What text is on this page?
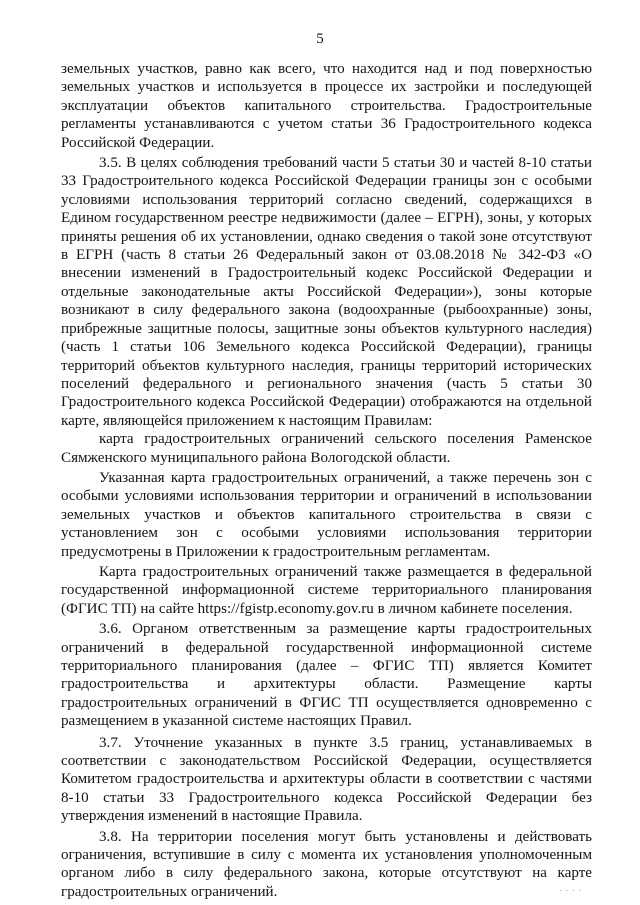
5

земельных участков, равно как всего, что находится над и под поверхностью земельных участков и используется в процессе их застройки и последующей эксплуатации объектов капитального строительства. Градостроительные регламенты устанавливаются с учетом статьи 36 Градостроительного кодекса Российской Федерации.

3.5. В целях соблюдения требований части 5 статьи 30 и частей 8-10 статьи 33 Градостроительного кодекса Российской Федерации границы зон с особыми условиями использования территорий согласно сведений, содержащихся в Едином государственном реестре недвижимости (далее – ЕГРН), зоны, у которых приняты решения об их установлении, однако сведения о такой зоне отсутствуют в ЕГРН (часть 8 статьи 26 Федеральный закон от 03.08.2018 № 342-ФЗ «О внесении изменений в Градостроительный кодекс Российской Федерации и отдельные законодательные акты Российской Федерации»), зоны которые возникают в силу федерального закона (водоохранные (рыбоохранные) зоны, прибрежные защитные полосы, защитные зоны объектов культурного наследия) (часть 1 статьи 106 Земельного кодекса Российской Федерации), границы территорий объектов культурного наследия, границы территорий исторических поселений федерального и регионального значения (часть 5 статьи 30 Градостроительного кодекса Российской Федерации) отображаются на отдельной карте, являющейся приложением к настоящим Правилам:

карта градостроительных ограничений сельского поселения Раменское Сямженского муниципального района Вологодской области.

Указанная карта градостроительных ограничений, а также перечень зон с особыми условиями использования территории и ограничений в использовании земельных участков и объектов капитального строительства в связи с установлением зон с особыми условиями использования территории предусмотрены в Приложении к градостроительным регламентам.

Карта градостроительных ограничений также размещается в федеральной государственной информационной системе территориального планирования (ФГИС ТП) на сайте https://fgistp.economy.gov.ru в личном кабинете поселения.

3.6. Органом ответственным за размещение карты градостроительных ограничений в федеральной государственной информационной системе территориального планирования (далее – ФГИС ТП) является Комитет градостроительства и архитектуры области. Размещение карты градостроительных ограничений в ФГИС ТП осуществляется одновременно с размещением в указанной системе настоящих Правил.

3.7. Уточнение указанных в пункте 3.5 границ, устанавливаемых в соответствии с законодательством Российской Федерации, осуществляется Комитетом градостроительства и архитектуры области в соответствии с частями 8-10 статьи 33 Градостроительного кодекса Российской Федерации без утверждения изменений в настоящие Правила.

3.8. На территории поселения могут быть установлены и действовать ограничения, вступившие в силу с момента их установления уполномоченным органом либо в силу федерального закона, которые отсутствуют на карте градостроительных ограничений.	. . . .
